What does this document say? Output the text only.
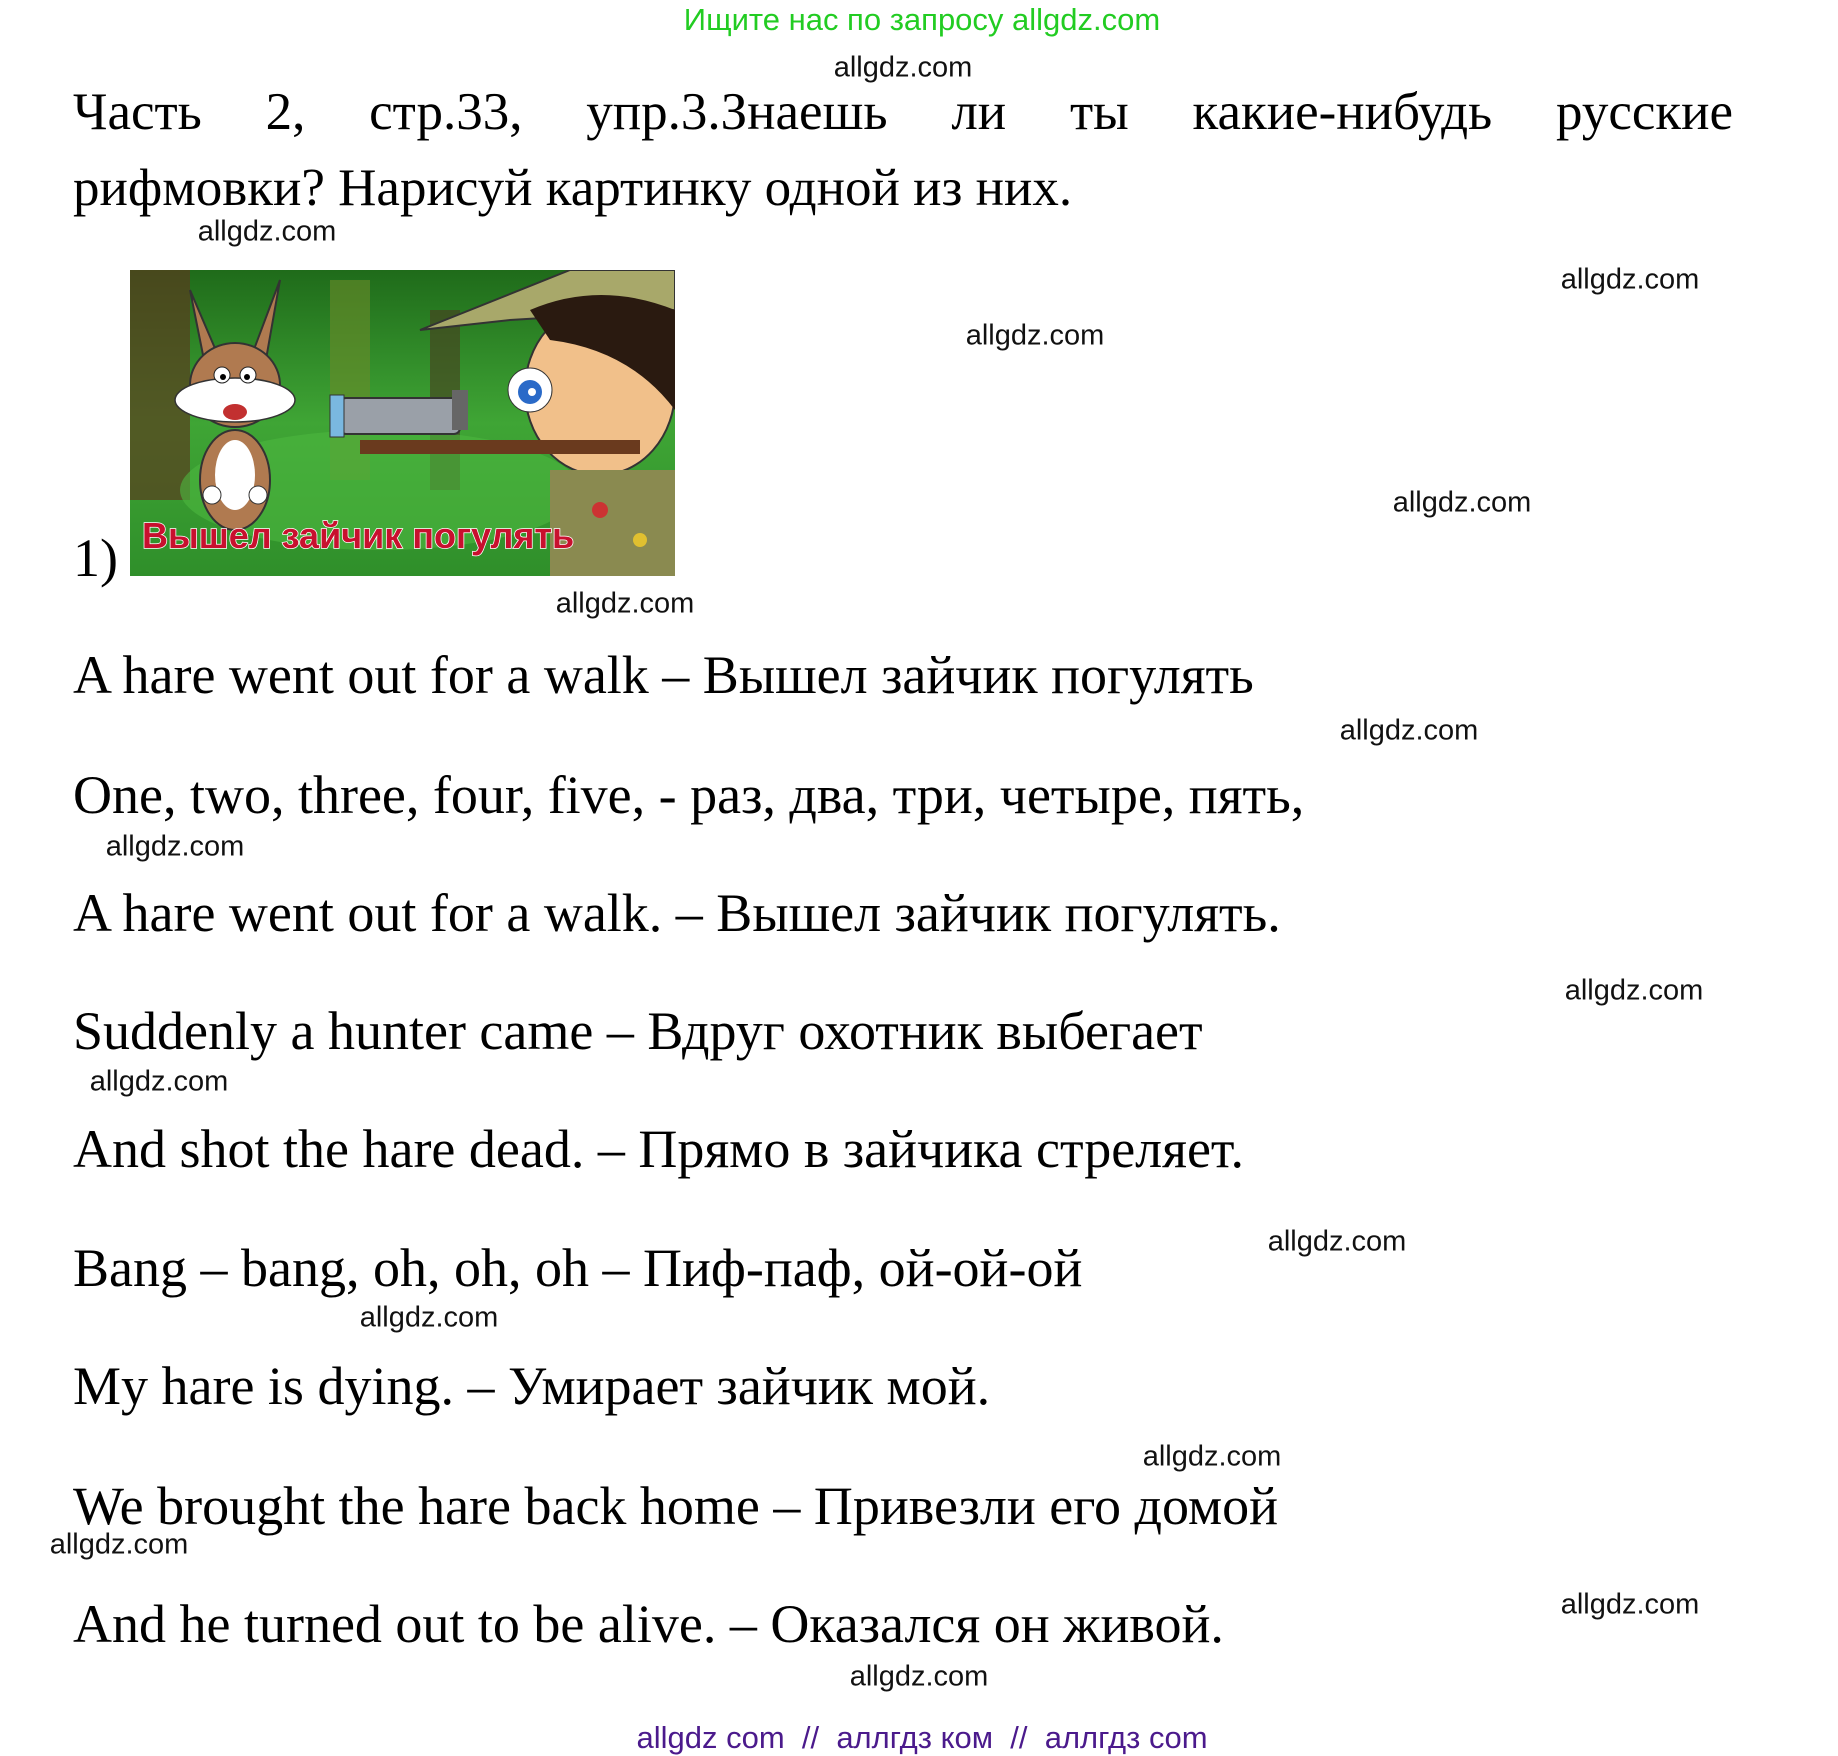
Ищите нас по запросу allgdz.com
Часть 2, стр.33, упр.3.Знаешь ли ты какие-нибудь русские
рифмовки? Нарисуй картинку одной из них.
1) Вышел зайчик погулять
A hare went out for a walk – Вышел зайчик погулять
One, two, three, four, five, - раз, два, три, четыре, пять,
A hare went out for a walk. – Вышел зайчик погулять.
Suddenly a hunter came – Вдруг охотник выбегает
And shot the hare dead. – Прямо в зайчика стреляет.
Bang – bang, oh, oh, oh – Пиф-паф, ой-ой-ой
My hare is dying. – Умирает зайчик мой.
We brought the hare back home – Привезли его домой
And he turned out to be alive. – Оказался он живой.
allgdz.com
allgdz.com
allgdz.com
allgdz.com
allgdz.com
allgdz.com
allgdz.com
allgdz.com
allgdz.com
allgdz.com
allgdz.com
allgdz.com
allgdz.com
allgdz.com
allgdz.com
allgdz.com
allgdz com  //  аллгдз ком  //  аллгдз com
